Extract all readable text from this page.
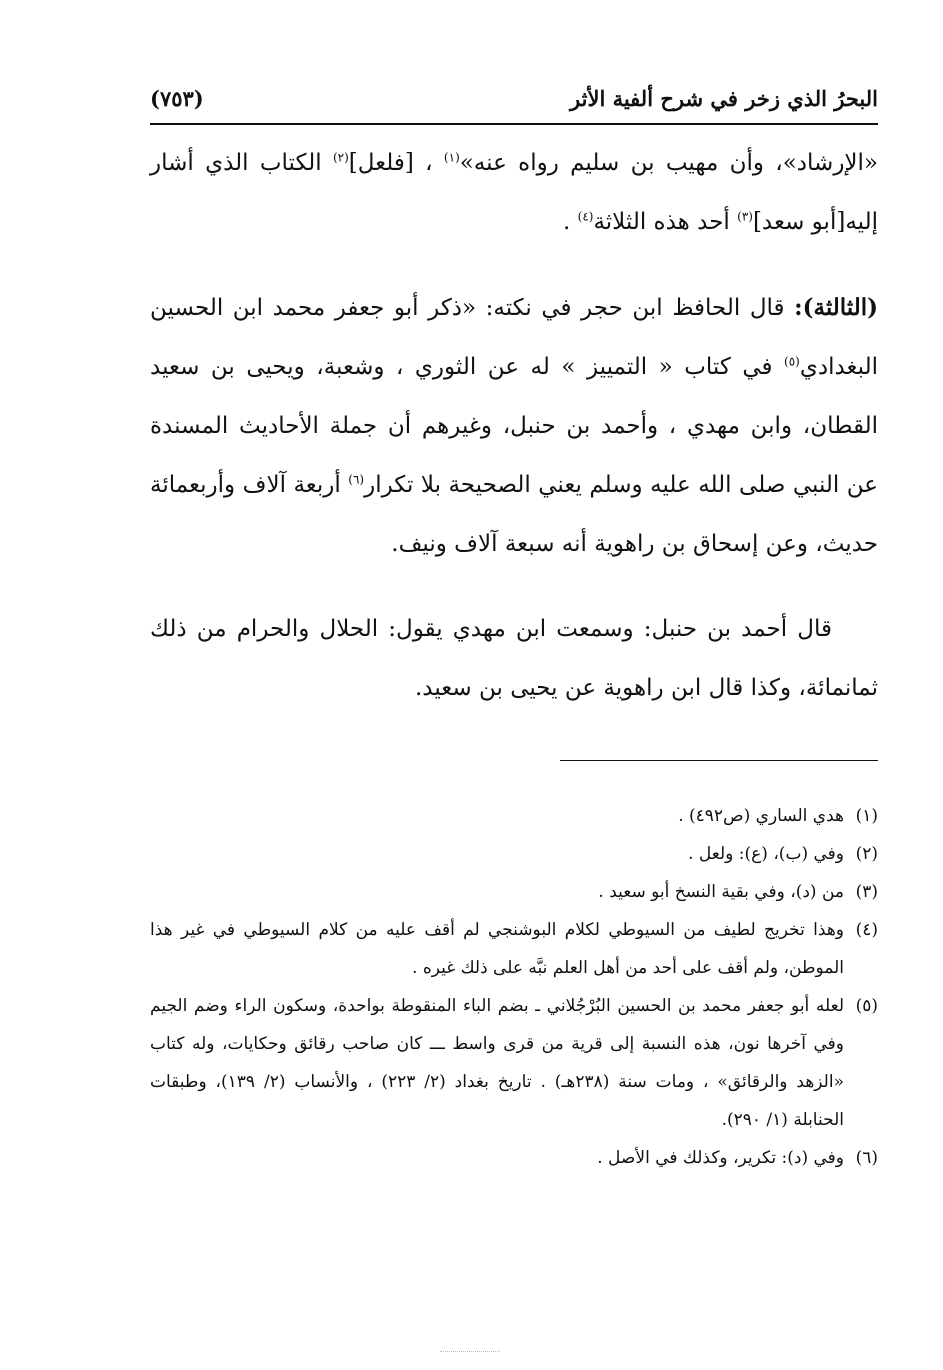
البحرُ الذي زخر في شرح ألفية الأثر
(٧٥٣)

«الإرشاد»، وأن مهيب بن سليم رواه عنه»$^{(١)}$ ، [فلعل]$^{(٢)}$ الكتاب الذي أشار إليه[أبو سعد]$^{(٣)}$ أحد هذه الثلاثة$^{(٤)}$ .

(الثالثة): قال الحافظ ابن حجر في نكته: «ذكر أبو جعفر محمد ابن الحسين البغدادي$^{(٥)}$ في كتاب « التمييز » له عن الثوري ، وشعبة، ويحيى بن سعيد القطان، وابن مهدي ، وأحمد بن حنبل، وغيرهم أن جملة الأحاديث المسندة عن النبي صلى الله عليه وسلم يعني الصحيحة بلا تكرار$^{(٦)}$ أربعة آلاف وأربعمائة حديث، وعن إسحاق بن راهوية أنه سبعة آلاف ونيف.

قال أحمد بن حنبل: وسمعت ابن مهدي يقول: الحلال والحرام من ذلك ثمانمائة، وكذا قال ابن راهوية عن يحيى بن سعيد.

(١)
هدي الساري (ص٤٩٢) .

(٢)
وفي (ب)، (ع): ولعل .

(٣)
من (د)، وفي بقية النسخ أبو سعيد .

(٤)
وهذا تخريج لطيف من السيوطي لكلام البوشنجي لم أقف عليه من كلام السيوطي في غير هذا الموطن، ولم أقف على أحد من أهل العلم نبَّه على ذلك غيره .

(٥)
لعله أبو جعفر محمد بن الحسين البُرْجُلاني ـ بضم الباء المنقوطة بواحدة، وسكون الراء وضم الجيم وفي آخرها نون، هذه النسبة إلى قرية من قرى واسط ـــ كان صاحب رقائق وحكايات، وله كتاب «الزهد والرقائق» ، ومات سنة (٢٣٨هـ) . تاريخ بغداد (٢/ ٢٢٣) ، والأنساب (٢/ ١٣٩)، وطبقات الحنابلة (١/ ٢٩٠).

(٦)
وفي (د): تكرير، وكذلك في الأصل .
